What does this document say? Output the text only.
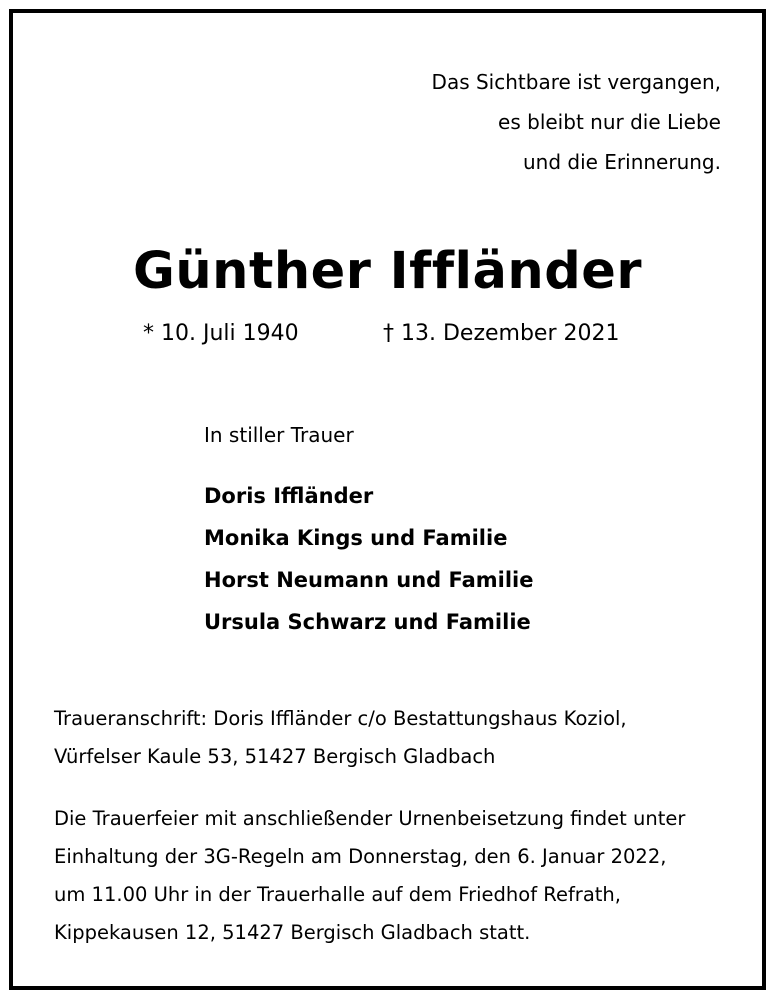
Das Sichtbare ist vergangen,
es bleibt nur die Liebe
und die Erinnerung.
Günther Iffländer
* 10. Juli 1940	† 13. Dezember 2021
In stiller Trauer
Doris Iffländer
Monika Kings und Familie
Horst Neumann und Familie
Ursula Schwarz und Familie
Traueranschrift: Doris Iffländer c/o Bestattungshaus Koziol,
Vürfelser Kaule 53, 51427 Bergisch Gladbach
Die Trauerfeier mit anschließender Urnenbeisetzung findet unter
Einhaltung der 3G-Regeln am Donnerstag, den 6. Januar 2022,
um 11.00 Uhr in der Trauerhalle auf dem Friedhof Refrath,
Kippekausen 12, 51427 Bergisch Gladbach statt.
